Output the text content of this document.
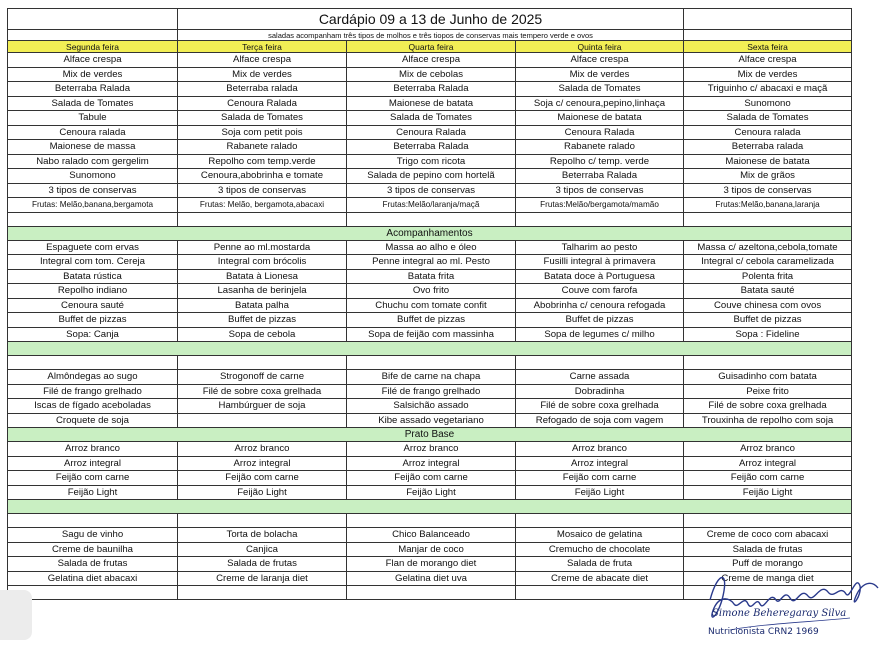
	Cardápio 09 a 13 de Junho de 2025			
	saladas acompanham três tipos de molhos e três tiopos de conservas mais tempero verde e ovos			
Segunda feira	Terça feira	Quarta feira	Quinta feira	Sexta feira
Alface crespa	Alface crespa	Alface crespa	Alface crespa	Alface crespa
Mix de verdes	Mix de verdes	Mix de cebolas	Mix de verdes	Mix de verdes
Beterraba Ralada	Beterraba ralada	Beterraba Ralada	Salada de Tomates	Triguinho c/ abacaxi e maçã
Salada de Tomates	Cenoura Ralada	Maionese de batata	Soja c/ cenoura,pepino,linhaça	Sunomono
Tabule	Salada de Tomates	Salada de Tomates	Maionese de batata	Salada de Tomates
Cenoura ralada	Soja com petit pois	Cenoura Ralada	Cenoura Ralada	Cenoura ralada
Maionese de massa	Rabanete ralado	Beterraba Ralada	Rabanete ralado	Beterraba ralada
Nabo ralado com gergelim	Repolho com temp.verde	Trigo com ricota	Repolho c/ temp. verde	Maionese de batata
Sunomono	Cenoura,abobrinha e tomate	Salada de pepino com hortelã	Beterraba Ralada	Mix de grãos
3 tipos de conservas	3 tipos de conservas	3 tipos de conservas	3 tipos de conservas	3 tipos de conservas
Frutas: Melão,banana,bergamota	Frutas: Melão, bergamota,abacaxi	Frutas:Melão/laranja/maçã	Frutas:Melão/bergamota/mamão	Frutas:Melão,banana,laranja

Acompanhamentos				
Espaguete com ervas	Penne ao ml.mostarda	Massa ao alho e óleo	Talharim ao pesto	Massa c/ azeltona,cebola,tomate
Integral com tom. Cereja	Integral com brócolis	Penne integral ao ml. Pesto	Fusilli integral à primavera	Integral c/ cebola caramelizada
Batata rústica	Batata à Lionesa	Batata frita	Batata doce à Portuguesa	Polenta frita
Repolho indiano	Lasanha de berinjela	Ovo frito	Couve com farofa	Batata sauté
Cenoura sauté	Batata palha	Chuchu com tomate confit	Abobrinha c/ cenoura refogada	Couve chinesa com ovos
Buffet de pizzas	Buffet de pizzas	Buffet de pizzas	Buffet de pizzas	Buffet de pizzas
Sopa: Canja	Sopa de cebola	Sopa de feijão com massinha	Sopa de legumes c/ milho	Sopa : Fideline

Almôndegas ao sugo	Strogonoff de carne	Bife de carne na chapa	Carne assada	Guisadinho com batata
Filé de frango grelhado	Filé de sobre coxa grelhada	Filé de frango grelhado	Dobradinha	Peixe frito
Iscas de fígado aceboladas	Hambúrguer de soja	Salsichão assado	Filé de sobre coxa grelhada	Filé de sobre coxa grelhada
Croquete de soja		Kibe assado vegetariano	Refogado de soja com vagem	Trouxinha de repolho com soja
Prato Base				
Arroz branco	Arroz branco	Arroz branco	Arroz branco	Arroz branco
Arroz integral	Arroz integral	Arroz integral	Arroz integral	Arroz integral
Feijão com carne	Feijão com carne	Feijão com carne	Feijão com carne	Feijão com carne
Feijão Light	Feijão Light	Feijão Light	Feijão Light	Feijão Light

Sagu de vinho	Torta de bolacha	Chico Balanceado	Mosaico de gelatina	Creme de coco com abacaxi
Creme de baunilha	Canjica	Manjar de coco	Cremucho de chocolate	Salada de frutas
Salada de frutas	Salada de frutas	Flan de morango diet	Salada de fruta	Puff de morango
Gelatina diet abacaxi	Creme de laranja diet	Gelatina diet uva	Creme de abacate diet	Creme de manga diet

Simone Beheregaray Silva
Nutricionista CRN2 1969
